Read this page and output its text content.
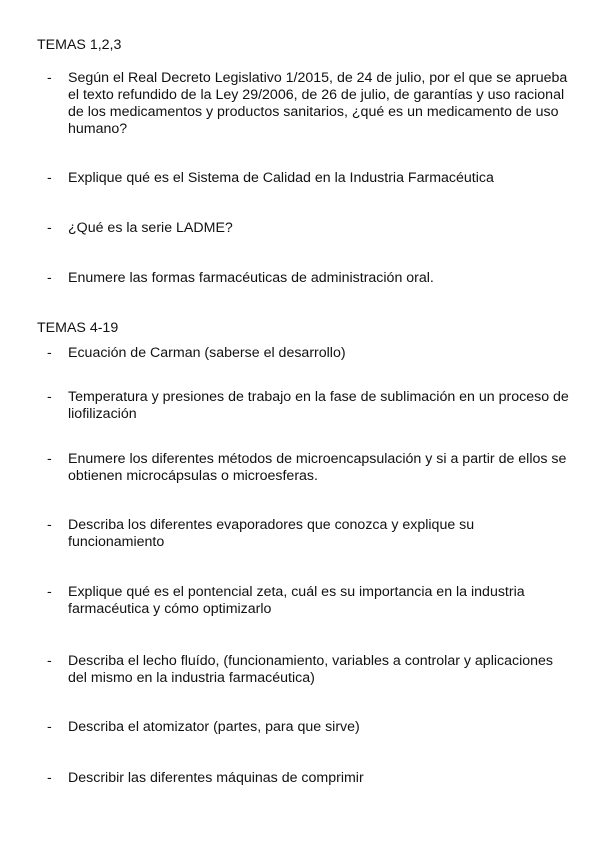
TEMAS 1,2,3
- Según el Real Decreto Legislativo 1/2015, de 24 de julio, por el que se aprueba el texto refundido de la Ley 29/2006, de 26 de julio, de garantías y uso racional de los medicamentos y productos sanitarios, ¿qué es un medicamento de uso humano?
- Explique qué es el Sistema de Calidad en la Industria Farmacéutica
- ¿Qué es la serie LADME?
- Enumere las formas farmacéuticas de administración oral.
TEMAS 4-19
- Ecuación de Carman (saberse el desarrollo)
- Temperatura y presiones de trabajo en la fase de sublimación en un proceso de liofilización
- Enumere los diferentes métodos de microencapsulación y si a partir de ellos se obtienen microcápsulas o microesferas.
- Describa los diferentes evaporadores que conozca y explique su funcionamiento
- Explique qué es el pontencial zeta, cuál es su importancia en la industria farmacéutica y cómo optimizarlo
- Describa el lecho fluído, (funcionamiento, variables a controlar y aplicaciones del mismo en la industria farmacéutica)
- Describa el atomizator (partes, para que sirve)
- Describir las diferentes máquinas de comprimir
